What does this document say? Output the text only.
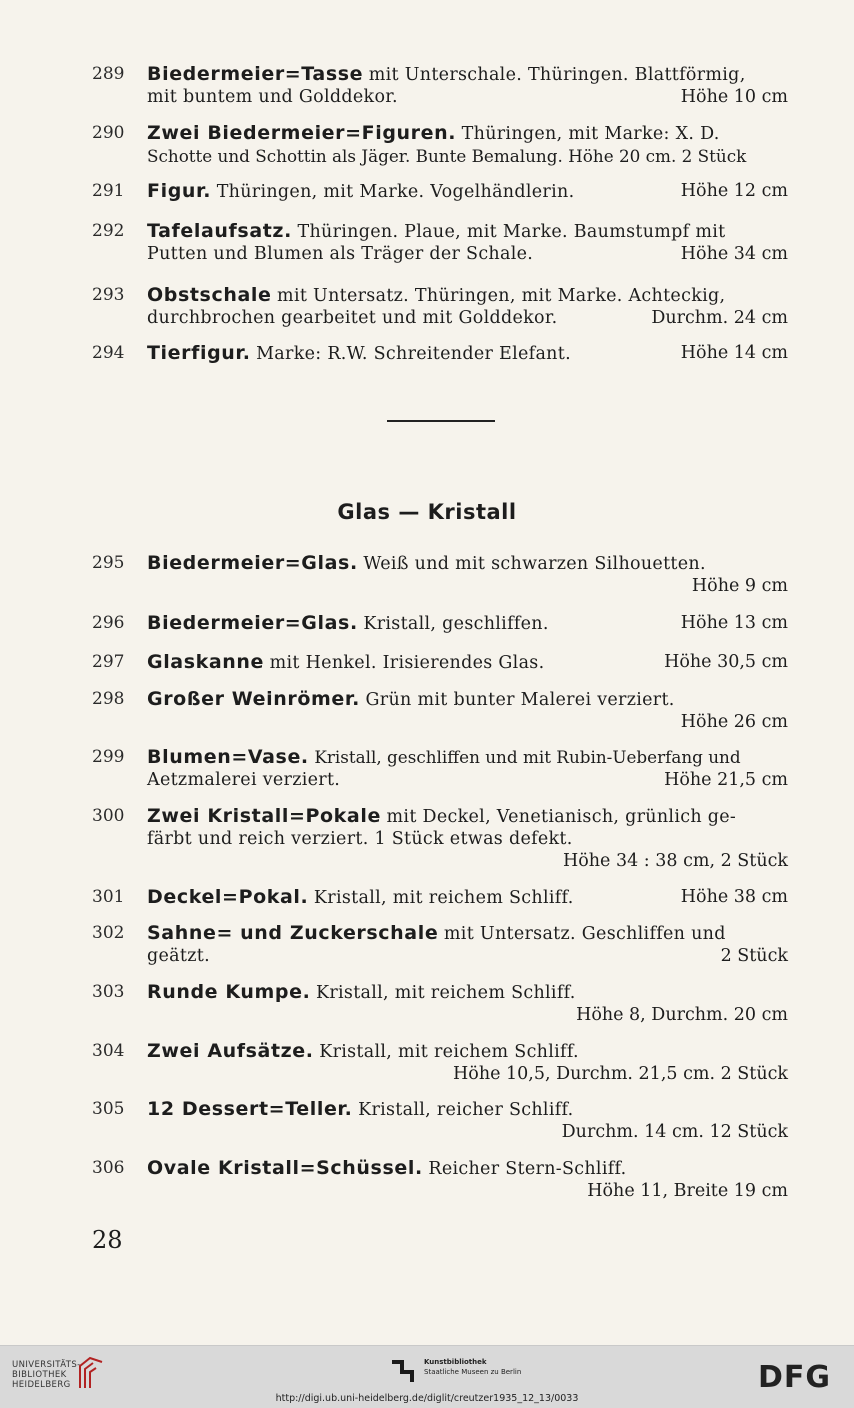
289	Biedermeier=Tasse mit Unterschale. Thüringen. Blattförmig,
mit buntem und Golddekor.	Höhe 10 cm
290	Zwei Biedermeier=Figuren. Thüringen, mit Marke: X. D.
Schotte und Schottin als Jäger. Bunte Bemalung. Höhe 20 cm. 2 Stück
291	Figur. Thüringen, mit Marke. Vogelhändlerin.	Höhe 12 cm
292	Tafelaufsatz. Thüringen. Plaue, mit Marke. Baumstumpf mit
Putten und Blumen als Träger der Schale.	Höhe 34 cm
293	Obstschale mit Untersatz. Thüringen, mit Marke. Achteckig,
durchbrochen gearbeitet und mit Golddekor.	Durchm. 24 cm
294	Tierfigur. Marke: R.W. Schreitender Elefant.	Höhe 14 cm
Glas — Kristall
295	Biedermeier=Glas. Weiß und mit schwarzen Silhouetten.
Höhe 9 cm
296	Biedermeier=Glas. Kristall, geschliffen.	Höhe 13 cm
297	Glaskanne mit Henkel. Irisierendes Glas.	Höhe 30,5 cm
298	Großer Weinrömer. Grün mit bunter Malerei verziert.
Höhe 26 cm
299	Blumen=Vase. Kristall, geschliffen und mit Rubin-Ueberfang und
Aetzmalerei verziert.	Höhe 21,5 cm
300	Zwei Kristall=Pokale mit Deckel, Venetianisch, grünlich ge-
färbt und reich verziert. 1 Stück etwas defekt.
Höhe 34 : 38 cm, 2 Stück
301	Deckel=Pokal. Kristall, mit reichem Schliff.	Höhe 38 cm
302	Sahne= und Zuckerschale mit Untersatz. Geschliffen und
geätzt.	2 Stück
303	Runde Kumpe. Kristall, mit reichem Schliff.
Höhe 8, Durchm. 20 cm
304	Zwei Aufsätze. Kristall, mit reichem Schliff.
Höhe 10,5, Durchm. 21,5 cm. 2 Stück
305	12 Dessert=Teller. Kristall, reicher Schliff.
Durchm. 14 cm. 12 Stück
306	Ovale Kristall=Schüssel. Reicher Stern-Schliff.
Höhe 11, Breite 19 cm
28
UNIVERSITÄTS-
BIBLIOTHEK
HEIDELBERG
Kunstbibliothek
Staatliche Museen zu Berlin	DFG
http://digi.ub.uni-heidelberg.de/diglit/creutzer1935_12_13/0033
